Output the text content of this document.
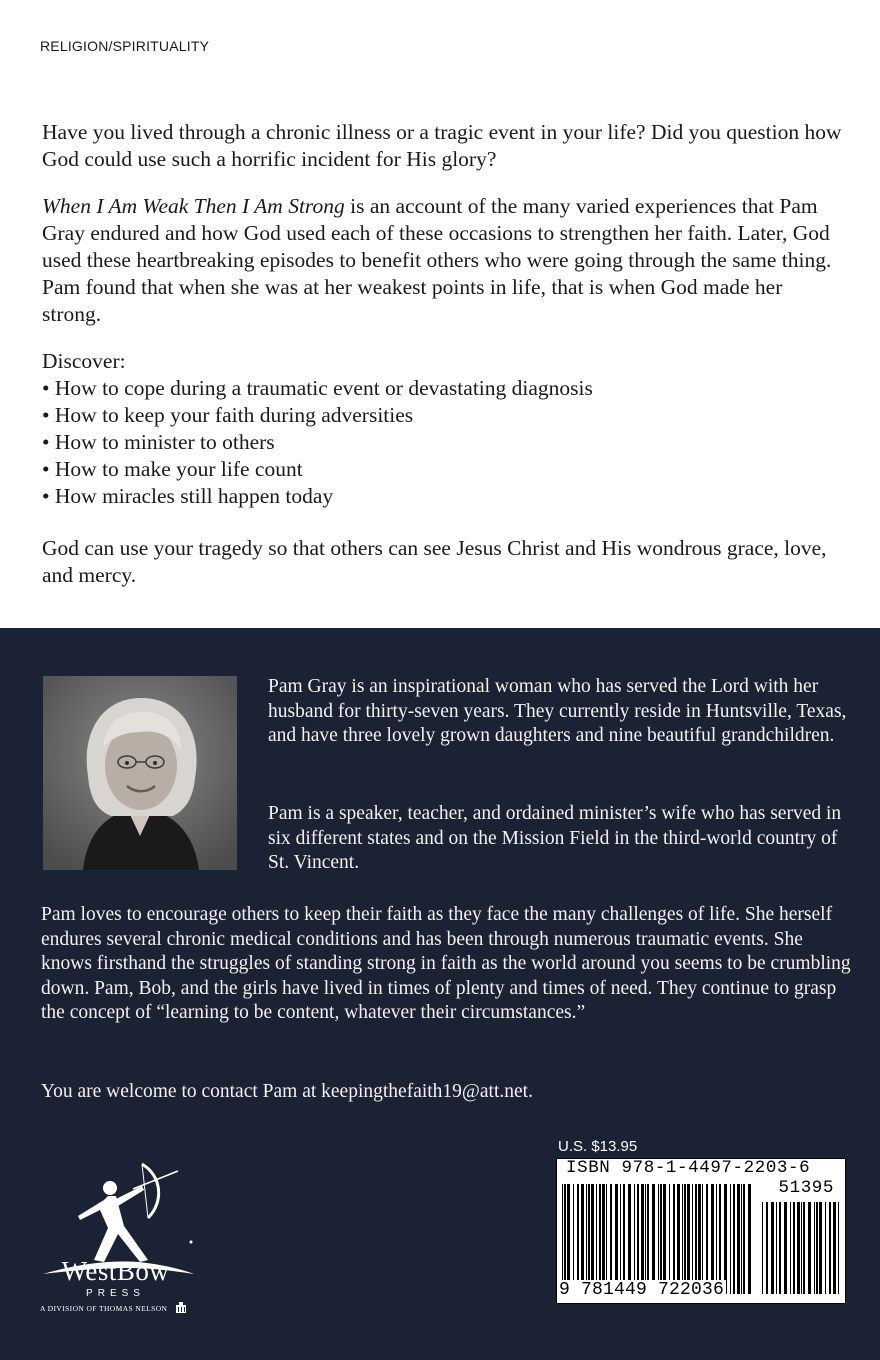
RELIGION/SPIRITUALITY

Have you lived through a chronic illness or a tragic event in your life? Did you question how God could use such a horrific incident for His glory?

When I Am Weak Then I Am Strong is an account of the many varied experiences that Pam Gray endured and how God used each of these occasions to strengthen her faith. Later, God used these heartbreaking episodes to benefit others who were going through the same thing. Pam found that when she was at her weakest points in life, that is when God made her strong.

Discover:
• How to cope during a traumatic event or devastating diagnosis
• How to keep your faith during adversities
• How to minister to others
• How to make your life count
• How miracles still happen today

God can use your tragedy so that others can see Jesus Christ and His wondrous grace, love, and mercy.

Pam Gray is an inspirational woman who has served the Lord with her husband for thirty-seven years. They currently reside in Huntsville, Texas, and have three lovely grown daughters and nine beautiful grandchildren.

Pam is a speaker, teacher, and ordained minister’s wife who has served in six different states and on the Mission Field in the third-world country of St. Vincent.

Pam loves to encourage others to keep their faith as they face the many challenges of life. She herself endures several chronic medical conditions and has been through numerous traumatic events. She knows firsthand the struggles of standing strong in faith as the world around you seems to be crumbling down. Pam, Bob, and the girls have lived in times of plenty and times of need. They continue to grasp the concept of “learning to be content, whatever their circumstances.”

You are welcome to contact Pam at keepingthefaith19@att.net.

WestBow
PRESS
A DIVISION OF THOMAS NELSON
U.S. $13.95
ISBN 978-1-4497-2203-6
51395
9 781449 722036
